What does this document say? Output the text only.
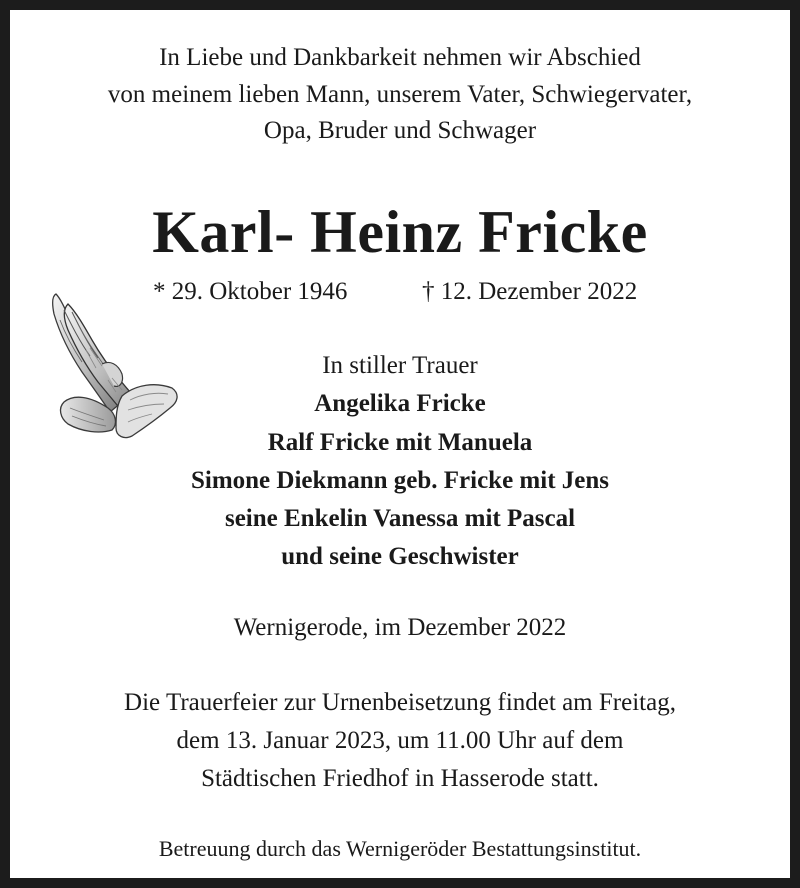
In Liebe und Dankbarkeit nehmen wir Abschied
von meinem lieben Mann, unserem Vater, Schwiegervater,
Opa, Bruder und Schwager
Karl- Heinz Fricke
* 29. Oktober 1946	† 12. Dezember 2022
In stiller Trauer
Angelika Fricke
Ralf Fricke mit Manuela
Simone Diekmann geb. Fricke mit Jens
seine Enkelin Vanessa mit Pascal
und seine Geschwister
Wernigerode, im Dezember 2022
Die Trauerfeier zur Urnenbeisetzung findet am Freitag,
dem 13. Januar 2023, um 11.00 Uhr auf dem
Städtischen Friedhof in Hasserode statt.
Betreuung durch das Wernigeröder Bestattungsinstitut.
